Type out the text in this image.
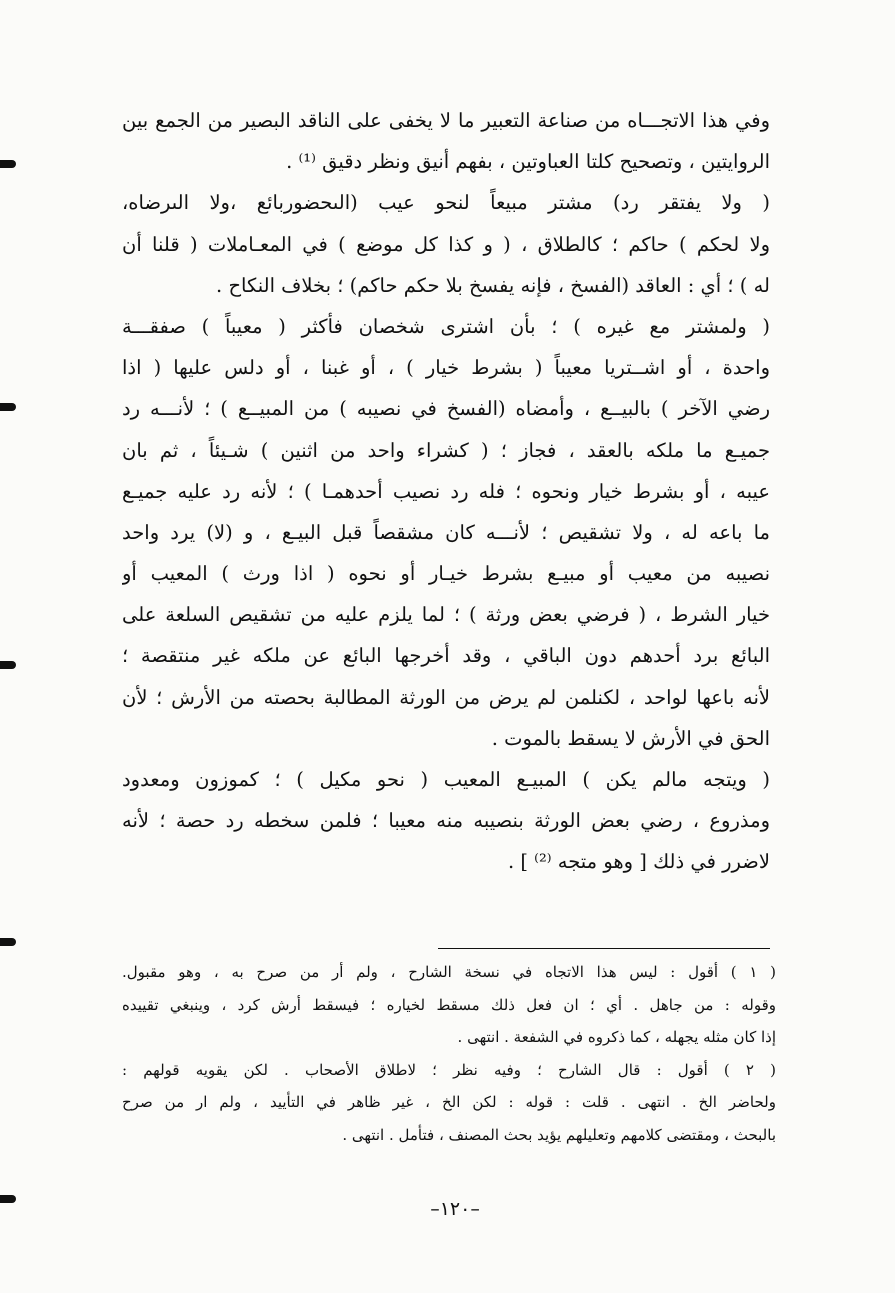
وفي هذا الاتجـــاه من صناعة التعبير ما لا يخفى على الناقد البصير من الجمع بين
الروايتين ، وتصحيح كلتا العباوتين ، بفهم أنيق ونظر دقيق ⁽¹⁾ .
( ولا يفتقر رد) مشتر مبيعاً لنحو عيب (الىحضوربائع ،ولا الىرضاه،
ولا لحكم ) حاكم ؛ كالطلاق ، ( و كذا كل موضع ) في المعـاملات ( قلنا أن
له ) ؛ أي : العاقد (الفسخ ، فإنه يفسخ بلا حكم حاكم) ؛ بخلاف النكاح .
( ولمشتر مع غيره ) ؛ بأن اشترى شخصان فأكثر ( معيباً ) صفقـــة
واحدة ، أو اشــتريا معيباً ( بشرط خيار ) ، أو غبنا ، أو دلس عليها ( اذا
رضي الآخر ) بالبيــع ، وأمضاه (الفسخ في نصيبه ) من المبيــع ) ؛ لأنـــه رد
جميـع ما ملكه بالعقد ، فجاز ؛ ( كشراء واحد من اثنين ) شـيئاً ، ثم بان
عيبه ، أو بشرط خيار ونحوه ؛ فله رد نصيب أحدهمـا ) ؛ لأنه رد عليه جميـع
ما باعه له ، ولا تشقيص ؛ لأنـــه كان مشقصاً قبل البيـع ، و (لا) يرد واحد
نصيبه من معيب أو مبيـع بشرط خيـار أو نحوه ( اذا ورث ) المعيب أو
خيار الشرط ، ( فرضي بعض ورثة ) ؛ لما يلزم عليه من تشقيص السلعة على
البائع برد أحدهم دون الباقي ، وقد أخرجها البائع عن ملكه غير منتقصة ؛
لأنه باعها لواحد ، لكنلمن لم يرض من الورثة المطالبة بحصته من الأرش ؛ لأن
الحق في الأرش لا يسقط بالموت .
( ويتجه مالم يكن ) المبيـع المعيب ( نحو مكيل ) ؛ كموزون ومعدود
ومذروع ، رضي بعض الورثة بنصيبه منه معيبا ؛ فلمن سخطه رد حصة ؛ لأنه
لاضرر في ذلك [ وهو متجه ⁽²⁾ ] .
( ١ ) أقول : ليس هذا الاتجاه في نسخة الشارح ، ولم أر من صرح به ، وهو مقبول.
وقوله : من جاهل . أي ؛ ان فعل ذلك مسقط لخياره ؛ فيسقط أرش كرد ، وينبغي تقييده
إذا كان مثله يجهله ، كما ذكروه في الشفعة . انتهى .
( ٢ ) أقول : قال الشارح ؛ وفيه نظر ؛ لاطلاق الأصحاب . لكن يقويه قولهم :
ولحاضر الخ . انتهى . قلت : قوله : لكن الخ ، غير ظاهر في التأييد ، ولم ار من صرح
بالبحث ، ومقتضى كلامهم وتعليلهم يؤيد بحث المصنف ، فتأمل . انتهى .
–١٢٠–
